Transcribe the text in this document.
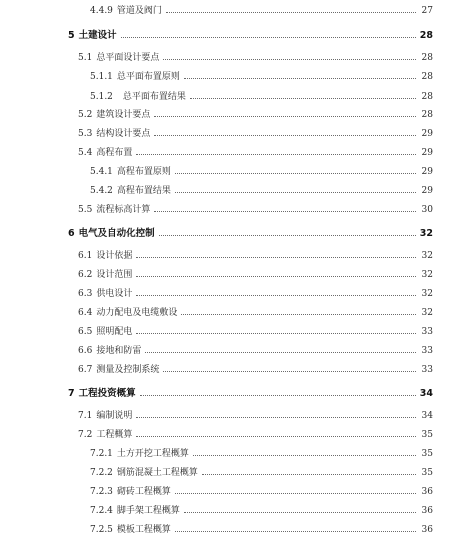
4.4.9 管道及阀门	27
5 土建设计	28
5.1 总平面设计要点	28
5.1.1 总平面布置原则	28
5.1.2 总平面布置结果	28
5.2 建筑设计要点	28
5.3 结构设计要点	29
5.4 高程布置	29
5.4.1 高程布置原则	29
5.4.2 高程布置结果	29
5.5 流程标高计算	30
6 电气及自动化控制	32
6.1 设计依据	32
6.2 设计范围	32
6.3 供电设计	32
6.4 动力配电及电缆敷设	32
6.5 照明配电	33
6.6 接地和防雷	33
6.7 测量及控制系统	33
7 工程投资概算	34
7.1 编制说明	34
7.2 工程概算	35
7.2.1 土方开挖工程概算	35
7.2.2 钢筋混凝土工程概算	35
7.2.3 砌砖工程概算	36
7.2.4 脚手架工程概算	36
7.2.5 模板工程概算	36
